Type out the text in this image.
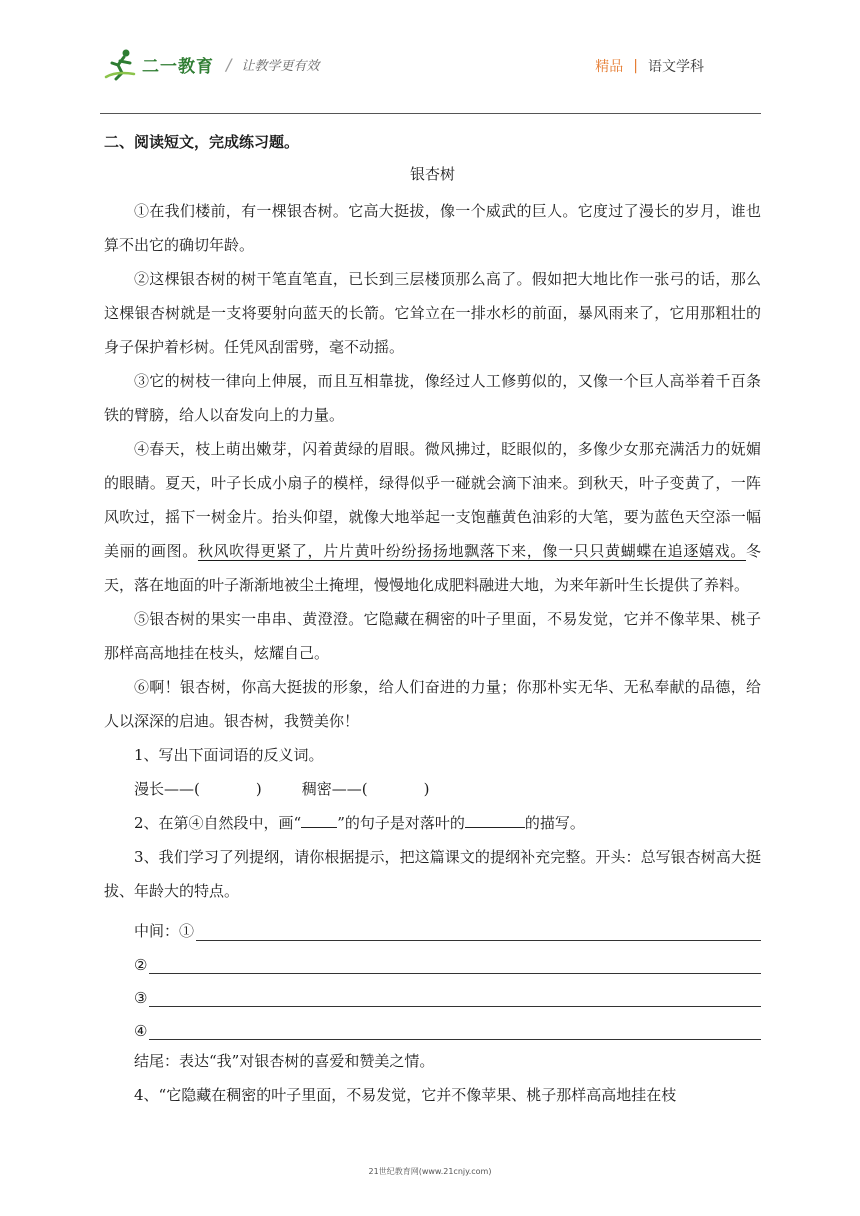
二一教育 / 让教学更有效	精品 | 语文学科

二、阅读短文，完成练习题。

银杏树

①在我们楼前，有一棵银杏树。它高大挺拔，像一个威武的巨人。它度过了漫长的岁月，谁也算不出它的确切年龄。

②这棵银杏树的树干笔直笔直，已长到三层楼顶那么高了。假如把大地比作一张弓的话，那么这棵银杏树就是一支将要射向蓝天的长箭。它耸立在一排水杉的前面，暴风雨来了，它用那粗壮的身子保护着杉树。任凭风刮雷劈，毫不动摇。

③它的树枝一律向上伸展，而且互相靠拢，像经过人工修剪似的，又像一个巨人高举着千百条铁的臂膀，给人以奋发向上的力量。

④春天，枝上萌出嫩芽，闪着黄绿的眉眼。微风拂过，眨眼似的，多像少女那充满活力的妩媚的眼睛。夏天，叶子长成小扇子的模样，绿得似乎一碰就会滴下油来。到秋天，叶子变黄了，一阵风吹过，摇下一树金片。抬头仰望，就像大地举起一支饱蘸黄色油彩的大笔，要为蓝色天空添一幅美丽的画图。秋风吹得更紧了，片片黄叶纷纷扬扬地飘落下来，像一只只黄蝴蝶在追逐嬉戏。冬天，落在地面的叶子渐渐地被尘土掩埋，慢慢地化成肥料融进大地，为来年新叶生长提供了养料。

⑤银杏树的果实一串串、黄澄澄。它隐藏在稠密的叶子里面，不易发觉，它并不像苹果、桃子那样高高地挂在枝头，炫耀自己。

⑥啊！银杏树，你高大挺拔的形象，给人们奋进的力量；你那朴实无华、无私奉献的品德，给人以深深的启迪。银杏树，我赞美你！

1、写出下面词语的反义词。

漫长——(	)	稠密——(	)

2、在第④自然段中，画“ ”的句子是对落叶的	的描写。

3、我们学习了列提纲，请你根据提示，把这篇课文的提纲补充完整。开头：总写银杏树高大挺拔、年龄大的特点。

中间：①
②
③
④

结尾：表达“我”对银杏树的喜爱和赞美之情。

4、“它隐藏在稠密的叶子里面，不易发觉，它并不像苹果、桃子那样高高地挂在枝

21世纪教育网(www.21cnjy.com)
